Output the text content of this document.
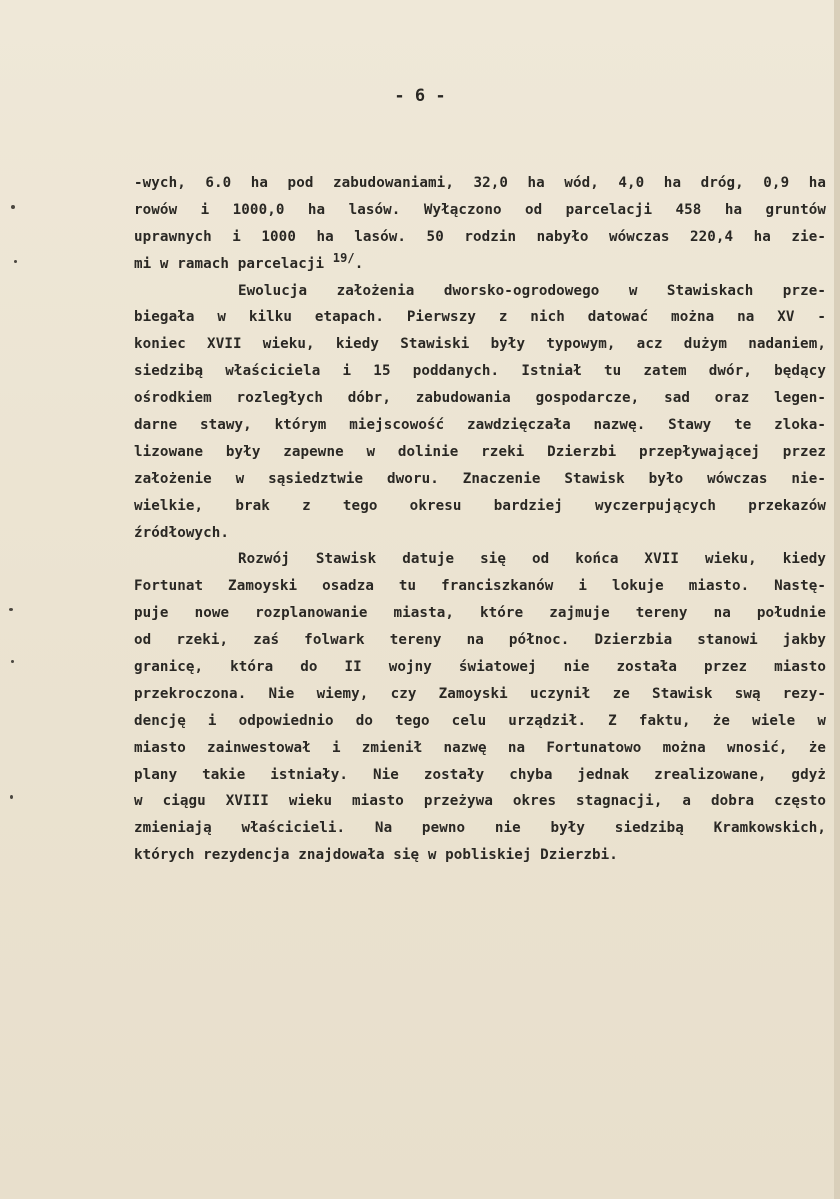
- 6 -
-wych, 6.0 ha pod zabudowaniami, 32,0 ha wód, 4,0 ha dróg, 0,9 ha
rowów i 1000,0 ha lasów. Wyłączono od parcelacji 458 ha gruntów
uprawnych i 1000 ha lasów. 50 rodzin nabyło wówczas 220,4 ha zie-
mi w ramach parcelacji $^{19/}$.
Ewolucja założenia dworsko-ogrodowego w Stawiskach prze-
biegała w kilku etapach. Pierwszy z nich datować można na XV -
koniec XVII wieku, kiedy Stawiski były typowym, acz dużym nadaniem,
siedzibą właściciela i 15 poddanych. Istniał tu zatem dwór, będący
ośrodkiem rozległych dóbr, zabudowania gospodarcze, sad oraz legen-
darne stawy, którym miejscowość zawdzięczała nazwę. Stawy te zloka-
lizowane były zapewne w dolinie rzeki Dzierzbi przepływającej przez
założenie w sąsiedztwie dworu. Znaczenie Stawisk było wówczas nie-
wielkie, brak z tego okresu bardziej wyczerpujących przekazów
źródłowych.
Rozwój Stawisk datuje się od końca XVII wieku, kiedy
Fortunat Zamoyski osadza tu franciszkanów i lokuje miasto. Nastę-
puje nowe rozplanowanie miasta, które zajmuje tereny na południe
od rzeki, zaś folwark tereny na północ. Dzierzbia stanowi jakby
granicę, która do II wojny światowej nie została przez miasto
przekroczona. Nie wiemy, czy Zamoyski uczynił ze Stawisk swą rezy-
dencję i odpowiednio do tego celu urządził. Z faktu, że wiele w
miasto zainwestował i zmienił nazwę na Fortunatowo można wnosić, że
plany takie istniały. Nie zostały chyba jednak zrealizowane, gdyż
w ciągu XVIII wieku miasto przeżywa okres stagnacji, a dobra często
zmieniają właścicieli. Na pewno nie były siedzibą Kramkowskich,
których rezydencja znajdowała się w pobliskiej Dzierzbi.
